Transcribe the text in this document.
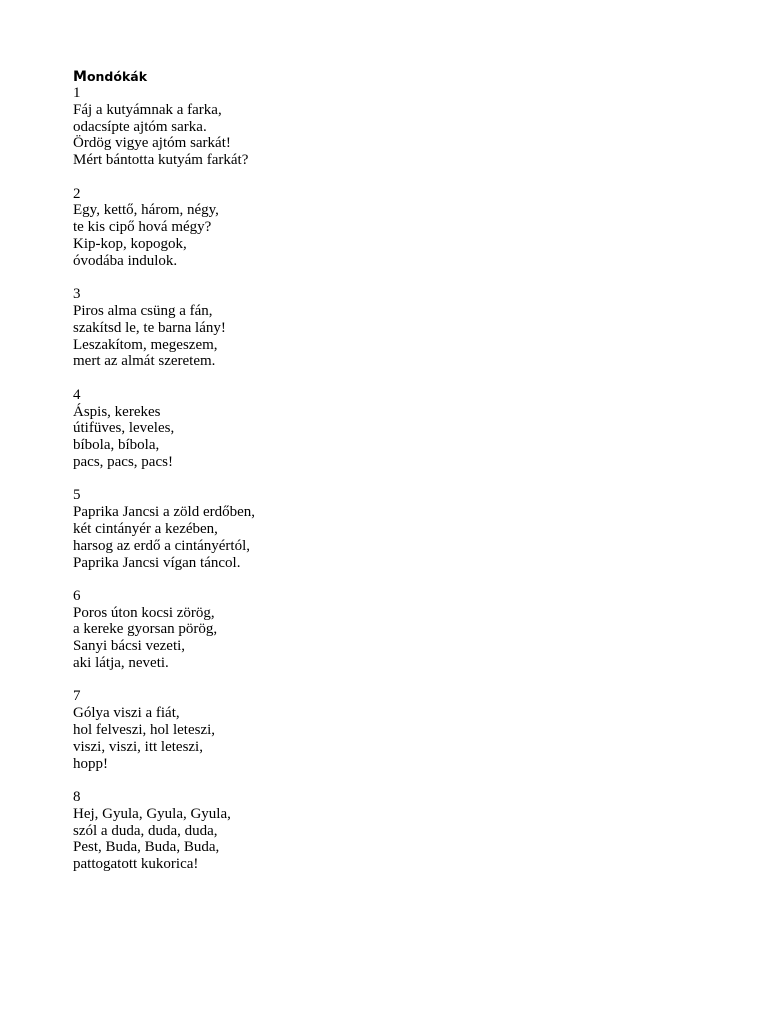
Mondókák
1
Fáj a kutyámnak a farka,
odacsípte ajtóm sarka.
Ördög vigye ajtóm sarkát!
Mért bántotta kutyám farkát?
2
Egy, kettő, három, négy,
te kis cipő hová mégy?
Kip-kop, kopogok,
óvodába indulok.
3
Piros alma csüng a fán,
szakítsd le, te barna lány!
Leszakítom, megeszem,
mert az almát szeretem.
4
Áspis, kerekes
útifüves, leveles,
bíbola, bíbola,
pacs, pacs, pacs!
5
Paprika Jancsi a zöld erdőben,
két cintányér a kezében,
harsog az erdő a cintányértól,
Paprika Jancsi vígan táncol.
6
Poros úton kocsi zörög,
a kereke gyorsan pörög,
Sanyi bácsi vezeti,
aki látja, neveti.
7
Gólya viszi a fiát,
hol felveszi, hol leteszi,
viszi, viszi, itt leteszi,
hopp!
8
Hej, Gyula, Gyula, Gyula,
szól a duda, duda, duda,
Pest, Buda, Buda, Buda,
pattogatott kukorica!
